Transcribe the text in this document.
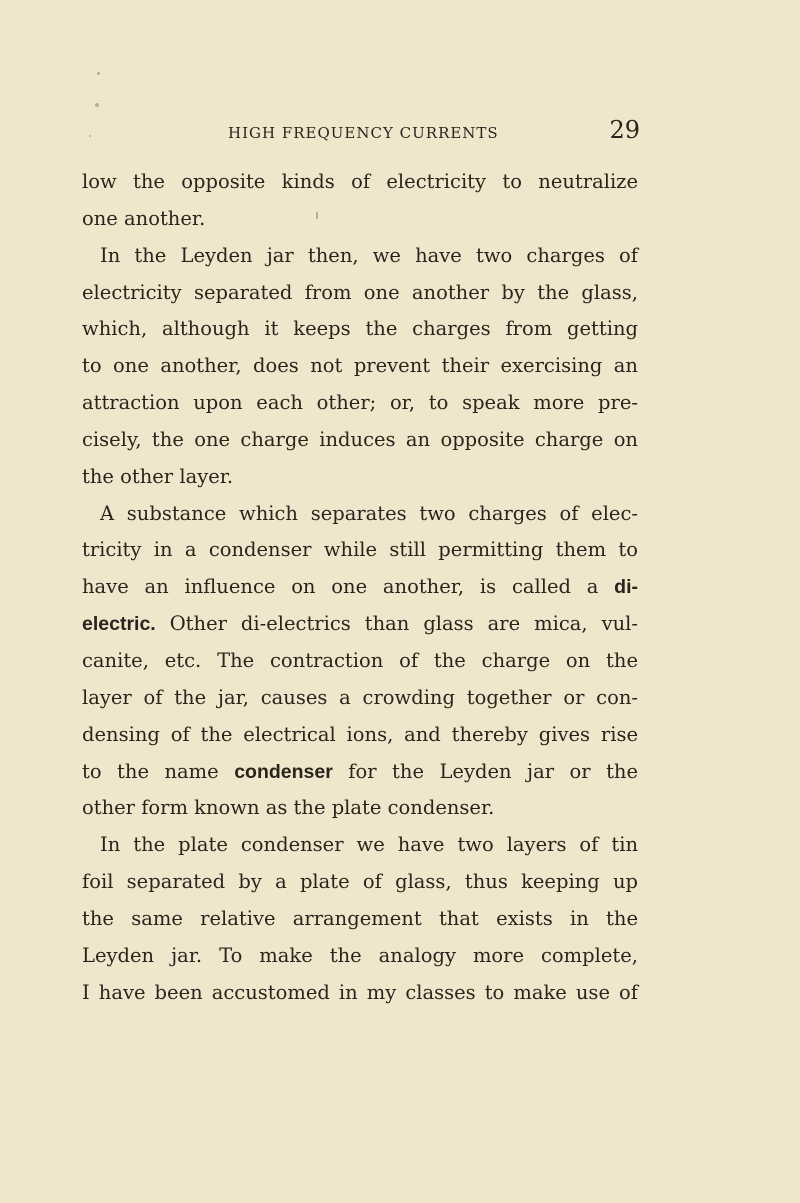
HIGH FREQUENCY CURRENTS	29
low the opposite kinds of electricity to neutralize
one another.
In the Leyden jar then, we have two charges of
electricity separated from one another by the glass,
which, although it keeps the charges from getting
to one another, does not prevent their exercising an
attraction upon each other; or, to speak more pre-
cisely, the one charge induces an opposite charge on
the other layer.
A substance which separates two charges of elec-
tricity in a condenser while still permitting them to
have an influence on one another, is called a di-
electric. Other di-electrics than glass are mica, vul-
canite, etc. The contraction of the charge on the
layer of the jar, causes a crowding together or con-
densing of the electrical ions, and thereby gives rise
to the name condenser for the Leyden jar or the
other form known as the plate condenser.
In the plate condenser we have two layers of tin
foil separated by a plate of glass, thus keeping up
the same relative arrangement that exists in the
Leyden jar. To make the analogy more complete,
I have been accustomed in my classes to make use of
